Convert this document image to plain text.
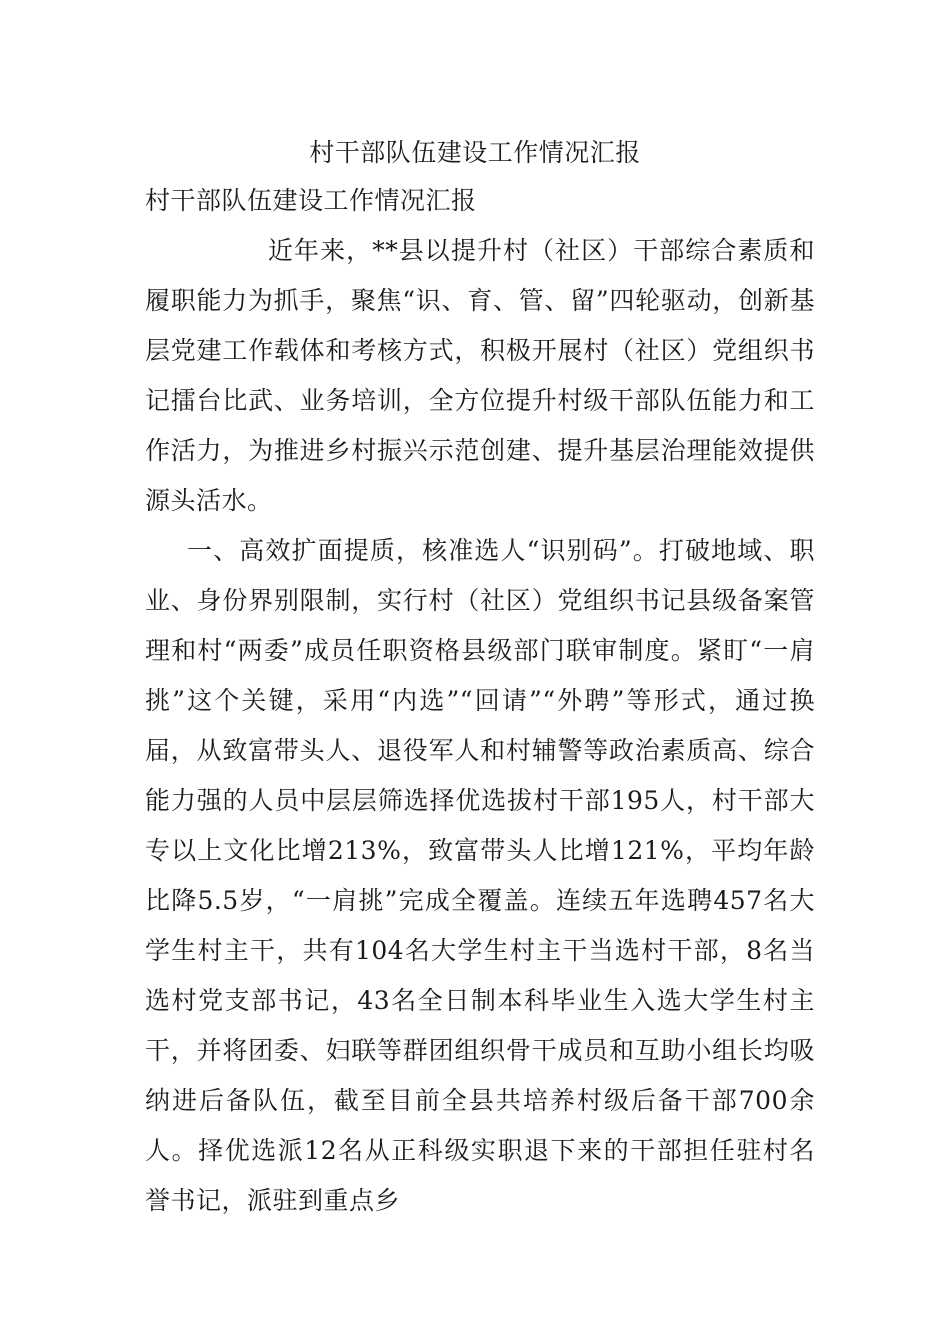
村干部队伍建设工作情况汇报
村干部队伍建设工作情况汇报

近年来，**县以提升村（社区）干部综合素质和履职能力为抓手，聚焦“识、育、管、留”四轮驱动，创新基层党建工作载体和考核方式，积极开展村（社区）党组织书记擂台比武、业务培训，全方位提升村级干部队伍能力和工作活力，为推进乡村振兴示范创建、提升基层治理能效提供源头活水。

一、高效扩面提质，核准选人“识别码”。打破地域、职业、身份界别限制，实行村（社区）党组织书记县级备案管理和村“两委”成员任职资格县级部门联审制度。紧盯“一肩挑”这个关键，采用“内选”“回请”“外聘”等形式，通过换届，从致富带头人、退役军人和村辅警等政治素质高、综合能力强的人员中层层筛选择优选拔村干部195人，村干部大专以上文化比增213%，致富带头人比增121%，平均年龄比降5.5岁，“一肩挑”完成全覆盖。连续五年选聘457名大学生村主干，共有104名大学生村主干当选村干部，8名当选村党支部书记，43名全日制本科毕业生入选大学生村主干，并将团委、妇联等群团组织骨干成员和互助小组长均吸纳进后备队伍，截至目前全县共培养村级后备干部700余人。择优选派12名从正科级实职退下来的干部担任驻村名誉书记，派驻到重点乡
